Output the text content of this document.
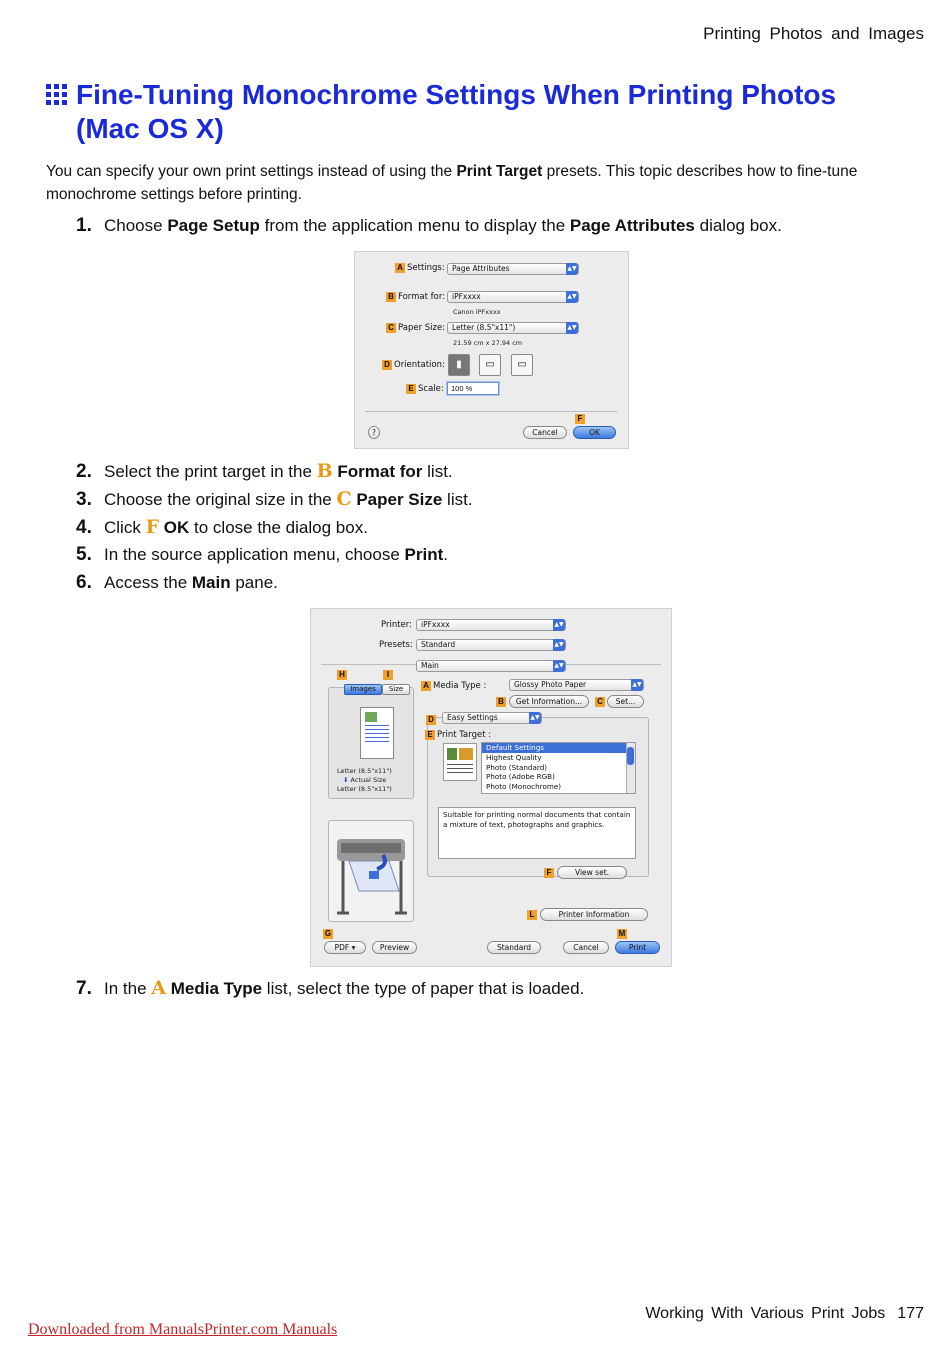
Printing Photos and Images
Fine-Tuning Monochrome Settings When Printing Photos
(Mac OS X)

You can specify your own print settings instead of using the Print Target presets. This topic describes how to fine-tune monochrome settings before printing.

1. Choose Page Setup from the application menu to display the Page Attributes dialog box.
A Settings: Page Attributes	▲▼
B Format for: iPFxxxx	▲▼
Canon iPFxxxx
C Paper Size: Letter (8.5"x11")	▲▼
21.59 cm x 27.94 cm
D Orientation:	▮	▭	▭
E Scale: 100 %
F
?	Cancel	OK
2. Select the print target in the B Format for list.
3. Choose the original size in the C Paper Size list.
4. Click F OK to close the dialog box.
5. In the source application menu, choose Print.
6. Access the Main pane.
Printer:	iPFxxxx	▲▼
Presets:	Standard	▲▼
Main	▲▼
H	I
Images	Size
Letter (8.5"x11")
⬇ Actual Size
Letter (8.5"x11")
A Media Type :	Glossy Photo Paper	▲▼
B	Get Information...	C	Set...
D	Easy Settings	▲▼
E Print Target :
Default Settings
Highest Quality
Photo (Standard)
Photo (Adobe RGB)
Photo (Monochrome)
Suitable for printing normal documents that contain a mixture of text, photographs and graphics.
F	View set.
L	Printer Information
G	M
PDF ▾	Preview	Standard	Cancel	Print
7. In the A Media Type list, select the type of paper that is loaded.
Working With Various Print Jobs 177
Downloaded from ManualsPrinter.com Manuals
